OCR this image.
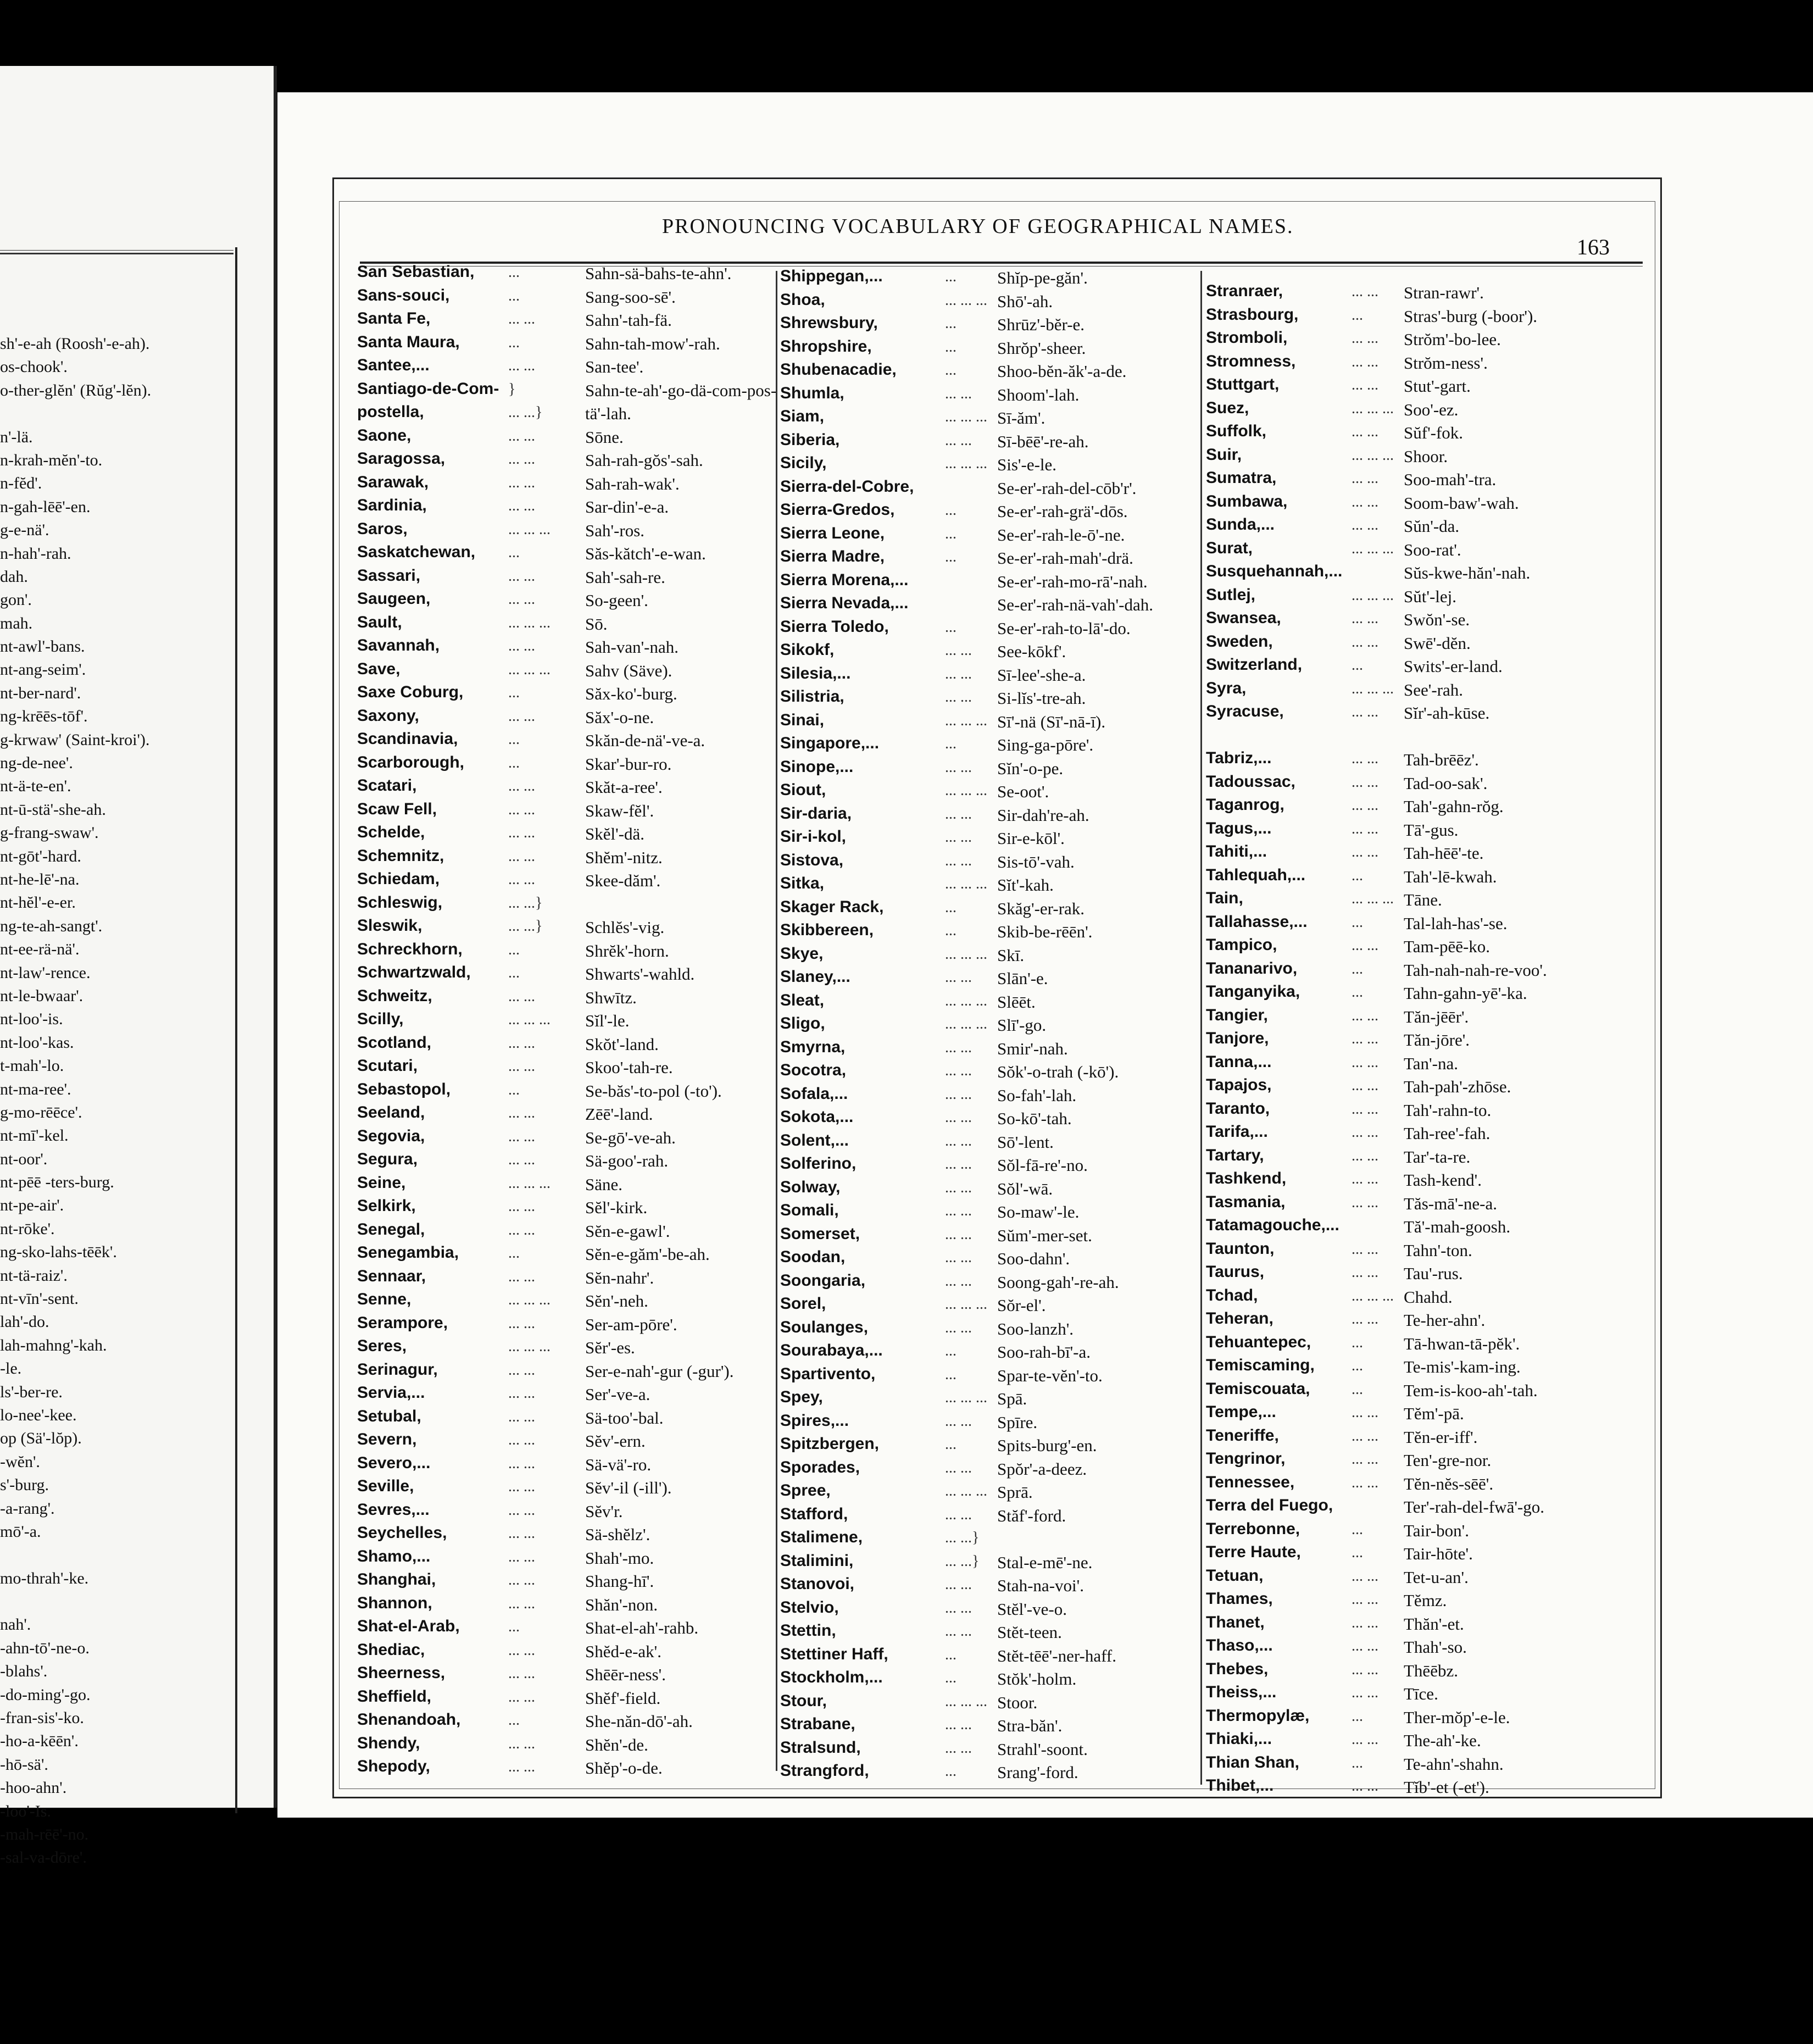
sh'-e-ah (Roosh'-e-ah).
os-chook'.
o-ther-glĕn' (Rŭg'-lĕn).
n'-lä.
n-krah-mĕn'-to.
n-fĕd'.
n-gah-lēē'-en.
g-e-nä'.
n-hah'-rah.
dah.
gon'.
mah.
nt-awl'-bans.
nt-ang-seim'.
nt-ber-nard'.
ng-krēēs-tōf'.
g-krwaw' (Saint-kroi').
ng-de-nee'.
nt-ä-te-en'.
nt-ū-stä'-she-ah.
g-frang-swaw'.
nt-gōt'-hard.
nt-he-lē'-na.
nt-hĕl'-e-er.
ng-te-ah-sangt'.
nt-ee-rä-nä'.
nt-law'-rence.
nt-le-bwaar'.
nt-loo'-is.
nt-loo'-kas.
t-mah'-lo.
nt-ma-ree'.
g-mo-rēēce'.
nt-mī'-kel.
nt-oor'.
nt-pēē -ters-burg.
nt-pe-air'.
nt-rōke'.
ng-sko-lahs-tēēk'.
nt-tä-raiz'.
nt-vīn'-sent.
lah'-do.
lah-mahng'-kah.
-le.
ls'-ber-re.
lo-nee'-kee.
op (Sä'-lŏp).
-wĕn'.
s'-burg.
-a-rang'.
mō'-a.
mo-thrah'-ke.
nah'.
-ahn-tō'-ne-o.
-blahs'.
-do-ming'-go.
-fran-sis'-ko.
-ho-a-kēēn'.
-hō-sä'.
-hoo-ahn'.
-loo'-Is.
-mah-rēē'-no.
-sal-va-dōre'.
PRONOUNCING VOCABULARY OF GEOGRAPHICAL NAMES.
163
San Sebastian, ...	Sahn-sä-bahs-te-ahn'.
Sans-souci,	...	Sang-soo-sē'.
Santa Fe,	... ...	Sahn'-tah-fä.
Santa Maura,	...	Sahn-tah-mow'-rah.
Santee,...	... ...	San-tee'.
Santiago-de-Com- }	Sahn-te-ah'-go-dä-com-pos-
postella,	... ...}	tä'-lah.
Saone,	... ...	Sōne.
Saragossa,	... ...	Sah-rah-gŏs'-sah.
Sarawak,	... ...	Sah-rah-wak'.
Sardinia,	... ...	Sar-din'-e-a.
Saros,	... ... ... Sah'-ros.
Saskatchewan, ...	Săs-kătch'-e-wan.
Sassari,	... ...	Sah'-sah-re.
Saugeen,	... ...	So-geen'.
Sault,	... ... ... Sō.
Savannah,	... ...	Sah-van'-nah.
Save,	... ... ... Sahv (Säve).
Saxe Coburg,	...	Săx-ko'-burg.
Saxony,	... ...	Săx'-o-ne.
Scandinavia,	...	Skăn-de-nä'-ve-a.
Scarborough,	...	Skar'-bur-ro.
Scatari,	... ...	Skăt-a-ree'.
Scaw Fell,	... ...	Skaw-fĕl'.
Schelde,	... ...	Skĕl'-dä.
Schemnitz,	... ...	Shĕm'-nitz.
Schiedam,	... ...	Skee-dăm'.
Schleswig,	... ...}
Sleswik,	... ...}	Schlĕs'-vig.
Schreckhorn,	...	Shrĕk'-horn.
Schwartzwald, ...	Shwarts'-wahld.
Schweitz,	... ...	Shwītz.
Scilly,	... ... ... Sĭl'-le.
Scotland,	... ...	Skŏt'-land.
Scutari,	... ...	Skoo'-tah-re.
Sebastopol,	...	Se-băs'-to-pol (-to').
Seeland,	... ...	Zēē'-land.
Segovia,	... ...	Se-gō'-ve-ah.
Segura,	... ...	Sä-goo'-rah.
Seine,	... ... ... Säne.
Selkirk,	... ...	Sĕl'-kirk.
Senegal,	... ...	Sĕn-e-gawl'.
Senegambia,	...	Sĕn-e-găm'-be-ah.
Sennaar,	... ...	Sĕn-nahr'.
Senne,	... ... ... Sĕn'-neh.
Serampore,	... ...	Ser-am-pōre'.
Seres,	... ... ... Sĕr'-es.
Serinagur,	... ...	Ser-e-nah'-gur (-gur').
Servia,...	... ...	Ser'-ve-a.
Setubal,	... ...	Sä-too'-bal.
Severn,	... ...	Sĕv'-ern.
Severo,...	... ...	Sä-vä'-ro.
Seville,	... ...	Sĕv'-il (-ill').
Sevres,...	... ...	Sĕv'r.
Seychelles,	... ...	Sä-shĕlz'.
Shamo,...	... ...	Shah'-mo.
Shanghai,	... ...	Shang-hī'.
Shannon,	... ...	Shăn'-non.
Shat-el-Arab,	...	Shat-el-ah'-rahb.
Shediac,	... ...	Shĕd-e-ak'.
Sheerness,	... ...	Shēēr-ness'.
Sheffield,	... ...	Shĕf'-field.
Shenandoah,	...	She-năn-dō'-ah.
Shendy,	... ...	Shĕn'-de.
Shepody,	... ...	Shĕp'-o-de.
Shippegan,...	... Shĭp-pe-găn'.
Shoa,	... ... ... Shō'-ah.
Shrewsbury,	... Shrūz'-bĕr-e.
Shropshire,	... Shrŏp'-sheer.
Shubenacadie,	... Shoo-bĕn-ăk'-a-de.
Shumla,	... ... Shoom'-lah.
Siam,	... ... ... Sī-ăm'.
Siberia,	... ... Sī-bēē'-re-ah.
Sicily,	... ... ... Sis'-e-le.
Sierra-del-Cobre,	Se-er'-rah-del-cōb'r'.
Sierra-Gredos,	... Se-er'-rah-grä'-dōs.
Sierra Leone,	... Se-er'-rah-le-ō'-ne.
Sierra Madre,	... Se-er'-rah-mah'-drä.
Sierra Morena,...	Se-er'-rah-mo-rā'-nah.
Sierra Nevada,...	Se-er'-rah-nä-vah'-dah.
Sierra Toledo,	... Se-er'-rah-to-lā'-do.
Sikokf,	... ... See-kōkf'.
Silesia,...	... ... Sī-lee'-she-a.
Silistria,	... ... Si-lĭs'-tre-ah.
Sinai,	... ... ... Sī'-nä (Sī'-nā-ī).
Singapore,...	... Sing-ga-pōre'.
Sinope,...	... ... Sĭn'-o-pe.
Siout,	... ... ... Se-oot'.
Sir-daria,	... ... Sir-dah're-ah.
Sir-i-kol,	... ... Sir-e-kōl'.
Sistova,	... ... Sis-tō'-vah.
Sitka,	... ... ... Sĭt'-kah.
Skager Rack,	... Skăg'-er-rak.
Skibbereen,	... Skib-be-rēēn'.
Skye,	... ... ... Skī.
Slaney,...	... ... Slān'-e.
Sleat,	... ... ... Slēēt.
Sligo,	... ... ... Slī'-go.
Smyrna,	... ... Smir'-nah.
Socotra,	... ... Sŏk'-o-trah (-kō').
Sofala,...	... ... So-fah'-lah.
Sokota,...	... ... So-kō'-tah.
Solent,...	... ... Sō'-lent.
Solferino,	... ... Sŏl-fā-re'-no.
Solway,	... ... Sŏl'-wā.
Somali,	... ... So-maw'-le.
Somerset,	... ... Sŭm'-mer-set.
Soodan,	... ... Soo-dahn'.
Soongaria,	... ... Soong-gah'-re-ah.
Sorel,	... ... ... Sŏr-el'.
Soulanges,	... ... Soo-lanzh'.
Sourabaya,...	... Soo-rah-bī'-a.
Spartivento,	... Spar-te-vĕn'-to.
Spey,	... ... ... Spā.
Spires,...	... ... Spīre.
Spitzbergen,	... Spits-burg'-en.
Sporades,	... ... Spŏr'-a-deez.
Spree,	... ... ... Sprā.
Stafford,	... ... Stăf'-ford.
Stalimene,	... ...}
Stalimini,	... ...} Stal-e-mē'-ne.
Stanovoi,	... ... Stah-na-voi'.
Stelvio,	... ... Stĕl'-ve-o.
Stettin,	... ... Stĕt-teen.
Stettiner Haff,	... Stĕt-tēē'-ner-haff.
Stockholm,...	... Stŏk'-holm.
Stour,	... ... ... Stoor.
Strabane,	... ... Stra-băn'.
Stralsund,	... ... Strahl'-soont.
Strangford,	... Srang'-ford.
Stranraer,	... ... Stran-rawr'.
Strasbourg,	... Stras'-burg (-boor').
Stromboli,	... ... Strŏm'-bo-lee.
Stromness,	... ... Strŏm-ness'.
Stuttgart,	... ... Stut'-gart.
Suez,	... ... ... Soo'-ez.
Suffolk,	... ... Sŭf'-fok.
Suir,	... ... ... Shoor.
Sumatra,	... ... Soo-mah'-tra.
Sumbawa,	... ... Soom-baw'-wah.
Sunda,...	... ... Sŭn'-da.
Surat,	... ... ... Soo-rat'.
Susquehannah,...	Sŭs-kwe-hăn'-nah.
Sutlej,	... ... ... Sŭt'-lej.
Swansea,	... ... Swŏn'-se.
Sweden,	... ... Swē'-dĕn.
Switzerland,	... Swits'-er-land.
Syra,	... ... ... See'-rah.
Syracuse,	... ... Sĭr'-ah-kūse.
Tabriz,...	... ... Tah-brēēz'.
Tadoussac,	... ... Tad-oo-sak'.
Taganrog,	... ... Tah'-gahn-rŏg.
Tagus,...	... ... Tā'-gus.
Tahiti,...	... ... Tah-hēē'-te.
Tahlequah,...	... Tah'-lē-kwah.
Tain,	... ... ... Tāne.
Tallahasse,...	... Tal-lah-has'-se.
Tampico,	... ... Tam-pēē-ko.
Tananarivo,	... Tah-nah-nah-re-voo'.
Tanganyika,	... Tahn-gahn-yē'-ka.
Tangier,	... ... Tăn-jēēr'.
Tanjore,	... ... Tăn-jōre'.
Tanna,...	... ... Tan'-na.
Tapajos,	... ... Tah-pah'-zhōse.
Taranto,	... ... Tah'-rahn-to.
Tarifa,...	... ... Tah-ree'-fah.
Tartary,	... ... Tar'-ta-re.
Tashkend,	... ... Tash-kend'.
Tasmania,	... ... Tăs-mā'-ne-a.
Tatamagouche,...	Tă'-mah-goosh.
Taunton,	... ... Tahn'-ton.
Taurus,	... ... Tau'-rus.
Tchad,	... ... ... Chahd.
Teheran,	... ... Te-her-ahn'.
Tehuantepec,	... Tā-hwan-tā-pĕk'.
Temiscaming, ... Te-mis'-kam-ing.
Temiscouata,	... Tem-is-koo-ah'-tah.
Tempe,...	... ... Tĕm'-pā.
Teneriffe,	... ... Tĕn-er-iff'.
Tengrinor,	... ... Ten'-gre-nor.
Tennessee,	... ... Tĕn-nĕs-sēē'.
Terra del Fuego,	Ter'-rah-del-fwā'-go.
Terrebonne,	... Tair-bon'.
Terre Haute,	... Tair-hōte'.
Tetuan,	... ... Tet-u-an'.
Thames,	... ... Tĕmz.
Thanet,	... ... Thăn'-et.
Thaso,...	... ... Thah'-so.
Thebes,	... ... Thēēbz.
Theiss,...	... ... Tīce.
Thermopylæ,	... Ther-mŏp'-e-le.
Thiaki,...	... ... The-ah'-ke.
Thian Shan,	... Te-ahn'-shahn.
Thibet,...	... ... Tĭb'-et (-et').
